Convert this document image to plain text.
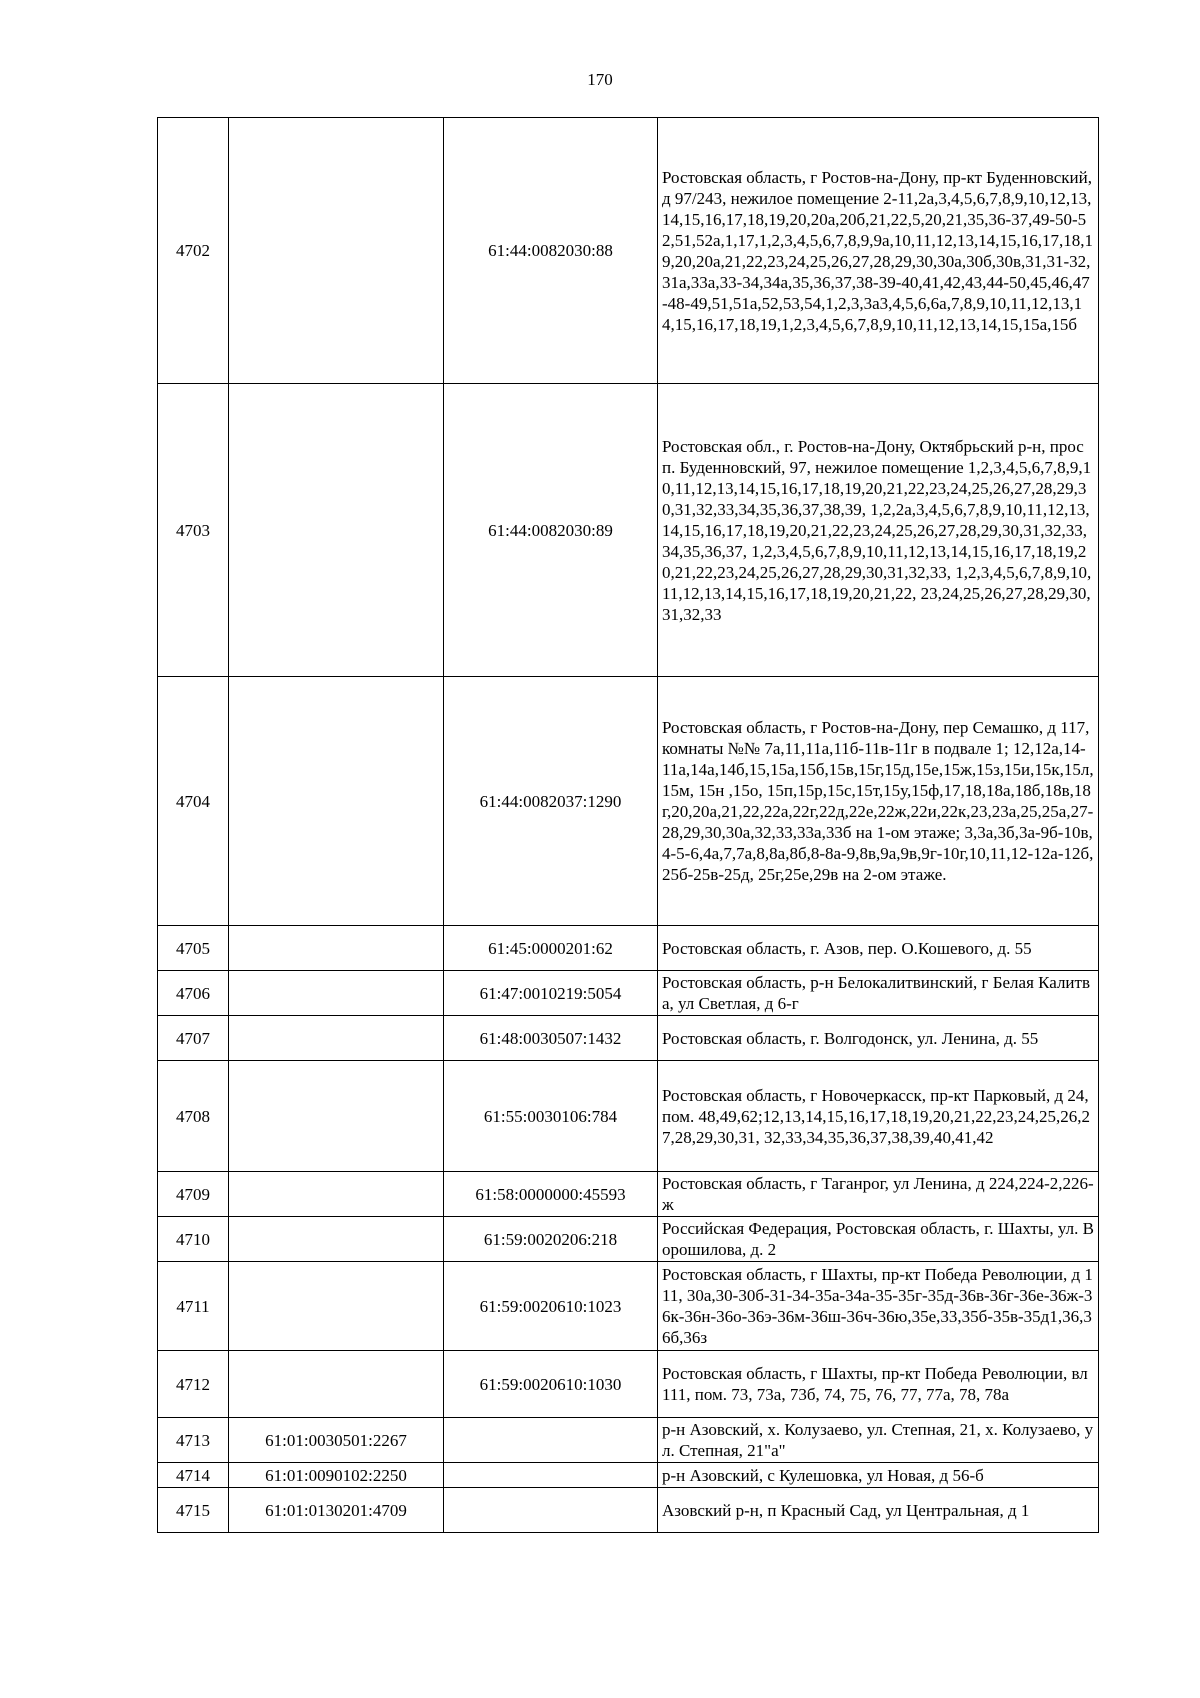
170
4702		61:44:0082030:88	Ростовская область, г Ростов-на-Дону, пр-кт Буденновский, д 97/243, нежилое помещение 2-11,2а,3,4,5,6,7,8,9,10,12,13,14,15,16,17,18,19,20,20а,20б,21,22,5,20,21,35,36-37,49-50-52,51,52а,1,17,1,2,3,4,5,6,7,8,9,9а,10,11,12,13,14,15,16,17,18,19,20,20а,21,22,23,24,25,26,27,28,29,30,30а,30б,30в,31,31-32,31а,33а,33-34,34а,35,36,37,38-39-40,41,42,43,44-50,45,46,47-48-49,51,51а,52,53,54,1,2,3,3а3,4,5,6,6а,7,8,9,10,11,12,13,14,15,16,17,18,19,1,2,3,4,5,6,7,8,9,10,11,12,13,14,15,15а,15б
4703		61:44:0082030:89	Ростовская обл., г. Ростов-на-Дону, Октябрьский р-н, просп. Буденновский, 97, нежилое помещение 1,2,3,4,5,6,7,8,9,10,11,12,13,14,15,16,17,18,19,20,21,22,23,24,25,26,27,28,29,30,31,32,33,34,35,36,37,38,39, 1,2,2а,3,4,5,6,7,8,9,10,11,12,13,14,15,16,17,18,19,20,21,22,23,24,25,26,27,28,29,30,31,32,33,34,35,36,37, 1,2,3,4,5,6,7,8,9,10,11,12,13,14,15,16,17,18,19,20,21,22,23,24,25,26,27,28,29,30,31,32,33, 1,2,3,4,5,6,7,8,9,10,11,12,13,14,15,16,17,18,19,20,21,22, 23,24,25,26,27,28,29,30,31,32,33
4704		61:44:0082037:1290	Ростовская область, г Ростов-на-Дону, пер Семашко, д 117, комнаты №№ 7а,11,11а,11б-11в-11г в подвале 1; 12,12а,14-11а,14а,14б,15,15а,15б,15в,15г,15д,15е,15ж,15з,15и,15к,15л,15м, 15н ,15о, 15п,15р,15с,15т,15у,15ф,17,18,18а,18б,18в,18г,20,20а,21,22,22а,22г,22д,22е,22ж,22и,22к,23,23а,25,25а,27-28,29,30,30а,32,33,33а,33б на 1-ом этаже; 3,3а,3б,3а-9б-10в,4-5-6,4а,7,7а,8,8а,8б,8-8а-9,8в,9а,9в,9г-10г,10,11,12-12а-12б,25б-25в-25д, 25г,25е,29в на 2-ом этаже.
4705		61:45:0000201:62	Ростовская область, г. Азов, пер. О.Кошевого, д. 55
4706		61:47:0010219:5054	Ростовская область, р-н Белокалитвинский, г Белая Калитва, ул Светлая, д 6-г
4707		61:48:0030507:1432	Ростовская область, г. Волгодонск, ул. Ленина, д. 55
4708		61:55:0030106:784	Ростовская область, г Новочеркасск, пр-кт Парковый, д 24, пом. 48,49,62;12,13,14,15,16,17,18,19,20,21,22,23,24,25,26,27,28,29,30,31, 32,33,34,35,36,37,38,39,40,41,42
4709		61:58:0000000:45593	Ростовская область, г Таганрог, ул Ленина, д 224,224-2,226-ж
4710		61:59:0020206:218	Российская Федерация, Ростовская область, г. Шахты, ул. Ворошилова, д. 2
4711		61:59:0020610:1023	Ростовская область, г Шахты, пр-кт Победа Революции, д 111, 30а,30-30б-31-34-35а-34а-35-35г-35д-36в-36г-36е-36ж-36к-36н-36о-36э-36м-36ш-36ч-36ю,35е,33,35б-35в-35д1,36,36б,36з
4712		61:59:0020610:1030	Ростовская область, г Шахты, пр-кт Победа Революции, вл 111, пом. 73, 73а, 73б, 74, 75, 76, 77, 77а, 78, 78а
4713	61:01:0030501:2267		р-н Азовский, х. Колузаево, ул. Степная, 21, х. Колузаево, ул. Степная, 21"а"
4714	61:01:0090102:2250		р-н Азовский, с Кулешовка, ул Новая, д 56-б
4715	61:01:0130201:4709		Азовский р-н, п Красный Сад, ул Центральная, д 1
